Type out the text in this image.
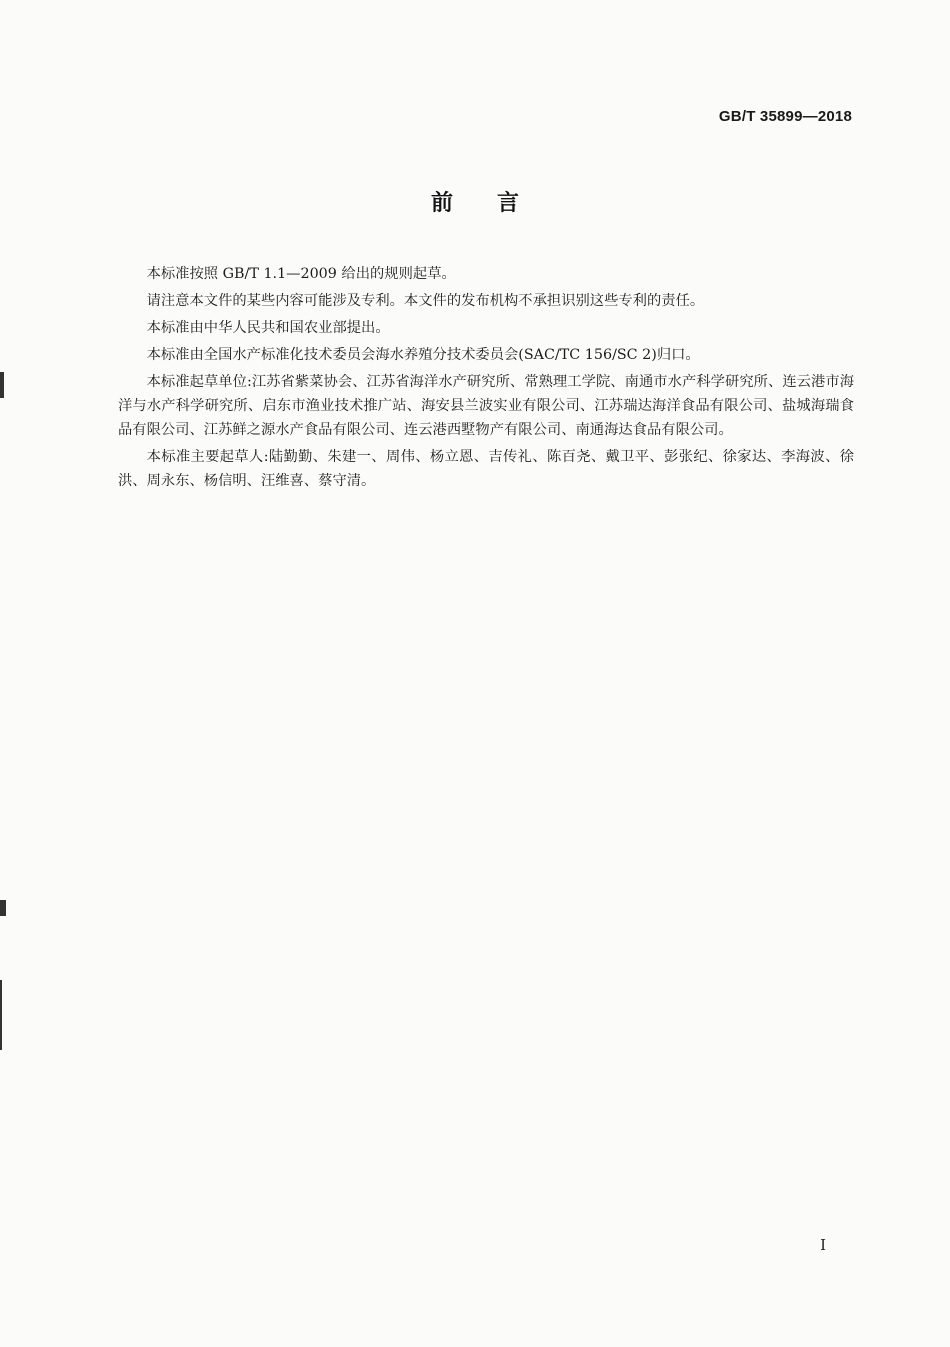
GB/T 35899—2018
前言

本标准按照 GB/T 1.1—2009 给出的规则起草。

请注意本文件的某些内容可能涉及专利。本文件的发布机构不承担识别这些专利的责任。

本标准由中华人民共和国农业部提出。

本标准由全国水产标准化技术委员会海水养殖分技术委员会(SAC/TC 156/SC 2)归口。

本标准起草单位:江苏省紫菜协会、江苏省海洋水产研究所、常熟理工学院、南通市水产科学研究所、连云港市海洋与水产科学研究所、启东市渔业技术推广站、海安县兰波实业有限公司、江苏瑞达海洋食品有限公司、盐城海瑞食品有限公司、江苏鲜之源水产食品有限公司、连云港西墅物产有限公司、南通海达食品有限公司。

本标准主要起草人:陆勤勤、朱建一、周伟、杨立恩、吉传礼、陈百尧、戴卫平、彭张纪、徐家达、李海波、徐洪、周永东、杨信明、汪维喜、蔡守清。

I
